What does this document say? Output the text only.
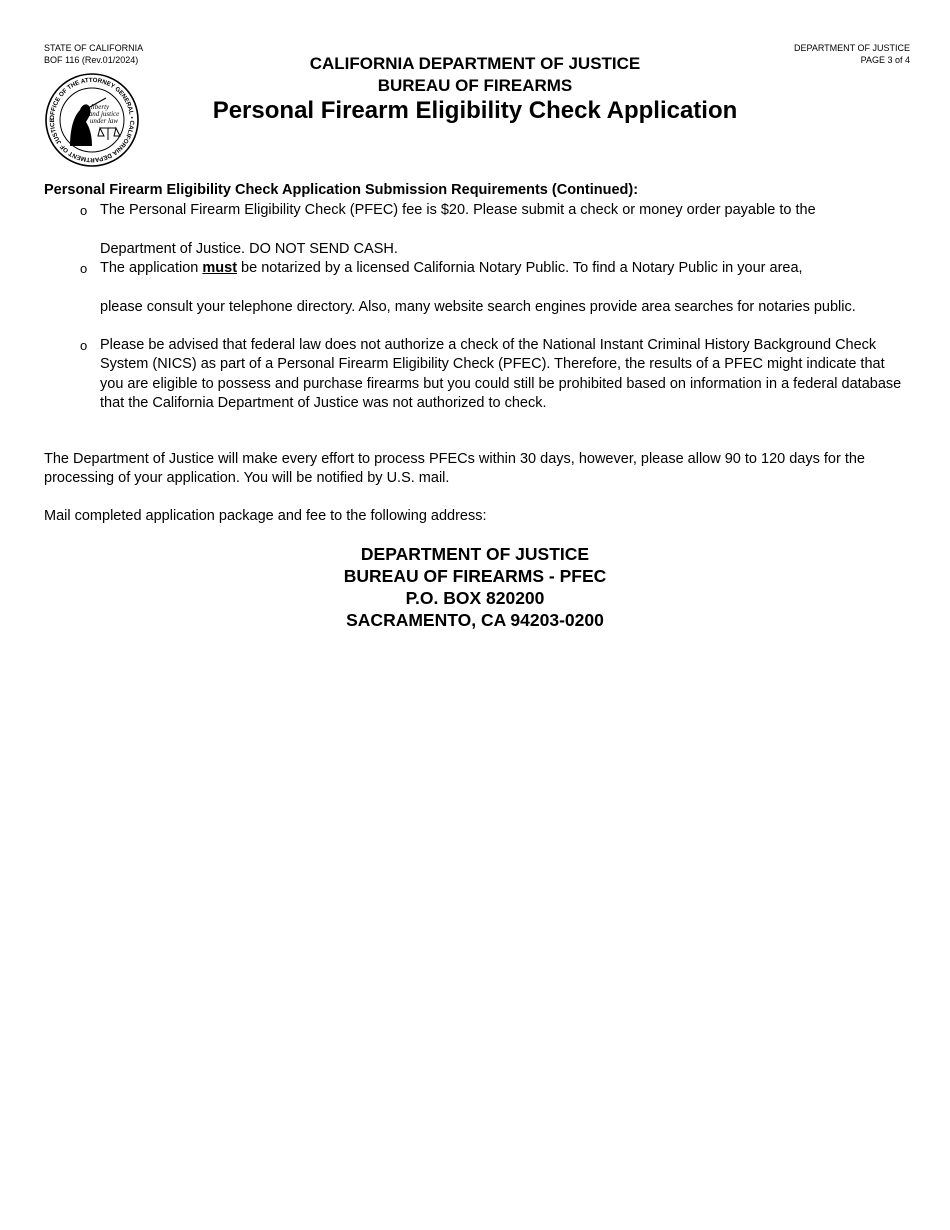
STATE OF CALIFORNIA
BOF 116 (Rev.01/2024)
DEPARTMENT OF JUSTICE
PAGE 3 of 4
OFFICE OF THE ATTORNEY GENERAL • CALIFORNIA DEPARTMENT OF JUSTICE
liberty
and justice
under law
CALIFORNIA DEPARTMENT OF JUSTICE
BUREAU OF FIREARMS
Personal Firearm Eligibility Check Application
Personal Firearm Eligibility Check Application Submission Requirements (Continued):
o The Personal Firearm Eligibility Check (PFEC) fee is $20. Please submit a check or money order payable to the
Department of Justice. DO NOT SEND CASH.
o The application must be notarized by a licensed California Notary Public. To find a Notary Public in your area,
please consult your telephone directory. Also, many website search engines provide area searches for notaries public.
o Please be advised that federal law does not authorize a check of the National Instant Criminal History Background Check System (NICS) as part of a Personal Firearm Eligibility Check (PFEC). Therefore, the results of a PFEC might indicate that you are eligible to possess and purchase firearms but you could still be prohibited based on information in a federal database that the California Department of Justice was not authorized to check.
The Department of Justice will make every effort to process PFECs within 30 days, however, please allow 90 to 120 days for the processing of your application. You will be notified by U.S. mail.
Mail completed application package and fee to the following address:
DEPARTMENT OF JUSTICE
BUREAU OF FIREARMS - PFEC
P.O. BOX 820200
SACRAMENTO, CA 94203-0200
